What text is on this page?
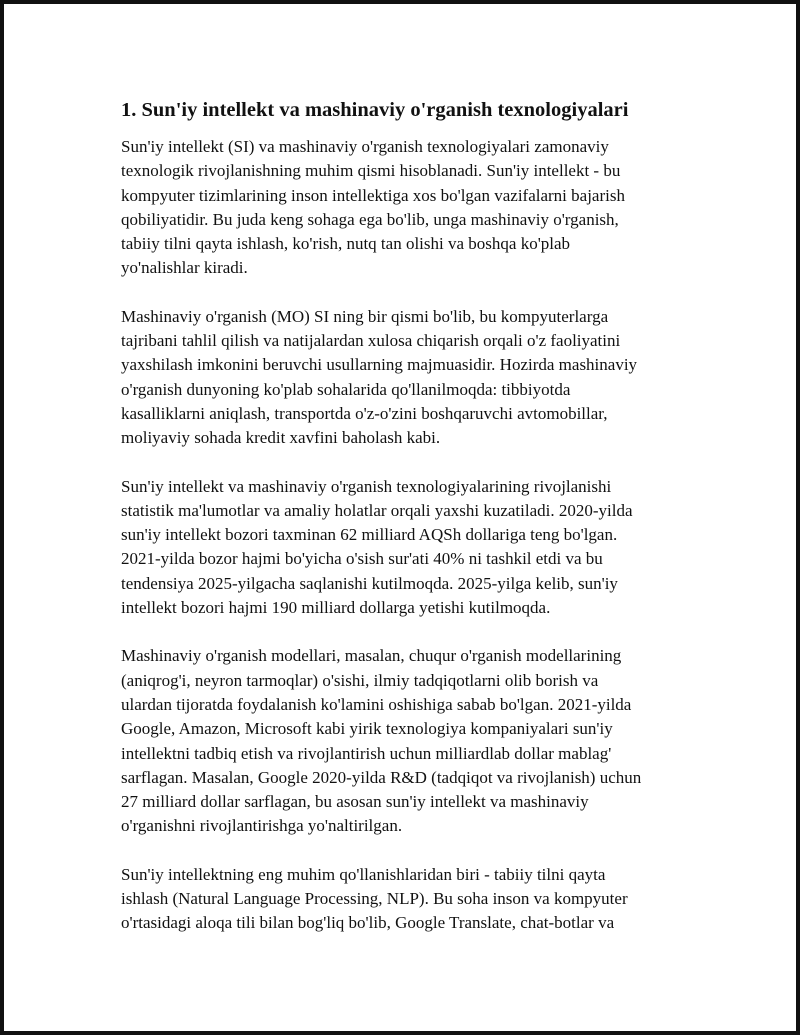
1. Sun'iy intellekt va mashinaviy o'rganish texnologiyalari

Sun'iy intellekt (SI) va mashinaviy o'rganish texnologiyalari zamonaviy
texnologik rivojlanishning muhim qismi hisoblanadi. Sun'iy intellekt - bu
kompyuter tizimlarining inson intellektiga xos bo'lgan vazifalarni bajarish
qobiliyatidir. Bu juda keng sohaga ega bo'lib, unga mashinaviy o'rganish,
tabiiy tilni qayta ishlash, ko'rish, nutq tan olishi va boshqa ko'plab
yo'nalishlar kiradi.

Mashinaviy o'rganish (MO) SI ning bir qismi bo'lib, bu kompyuterlarga
tajribani tahlil qilish va natijalardan xulosa chiqarish orqali o'z faoliyatini
yaxshilash imkonini beruvchi usullarning majmuasidir. Hozirda mashinaviy
o'rganish dunyoning ko'plab sohalarida qo'llanilmoqda: tibbiyotda
kasalliklarni aniqlash, transportda o'z-o'zini boshqaruvchi avtomobillar,
moliyaviy sohada kredit xavfini baholash kabi.

Sun'iy intellekt va mashinaviy o'rganish texnologiyalarining rivojlanishi
statistik ma'lumotlar va amaliy holatlar orqali yaxshi kuzatiladi. 2020-yilda
sun'iy intellekt bozori taxminan 62 milliard AQSh dollariga teng bo'lgan.
2021-yilda bozor hajmi bo'yicha o'sish sur'ati 40% ni tashkil etdi va bu
tendensiya 2025-yilgacha saqlanishi kutilmoqda. 2025-yilga kelib, sun'iy
intellekt bozori hajmi 190 milliard dollarga yetishi kutilmoqda.

Mashinaviy o'rganish modellari, masalan, chuqur o'rganish modellarining
(aniqrog'i, neyron tarmoqlar) o'sishi, ilmiy tadqiqotlarni olib borish va
ulardan tijoratda foydalanish ko'lamini oshishiga sabab bo'lgan. 2021-yilda
Google, Amazon, Microsoft kabi yirik texnologiya kompaniyalari sun'iy
intellektni tadbiq etish va rivojlantirish uchun milliardlab dollar mablag'
sarflagan. Masalan, Google 2020-yilda R&D (tadqiqot va rivojlanish) uchun
27 milliard dollar sarflagan, bu asosan sun'iy intellekt va mashinaviy
o'rganishni rivojlantirishga yo'naltirilgan.

Sun'iy intellektning eng muhim qo'llanishlaridan biri - tabiiy tilni qayta
ishlash (Natural Language Processing, NLP). Bu soha inson va kompyuter
o'rtasidagi aloqa tili bilan bog'liq bo'lib, Google Translate, chat-botlar va
